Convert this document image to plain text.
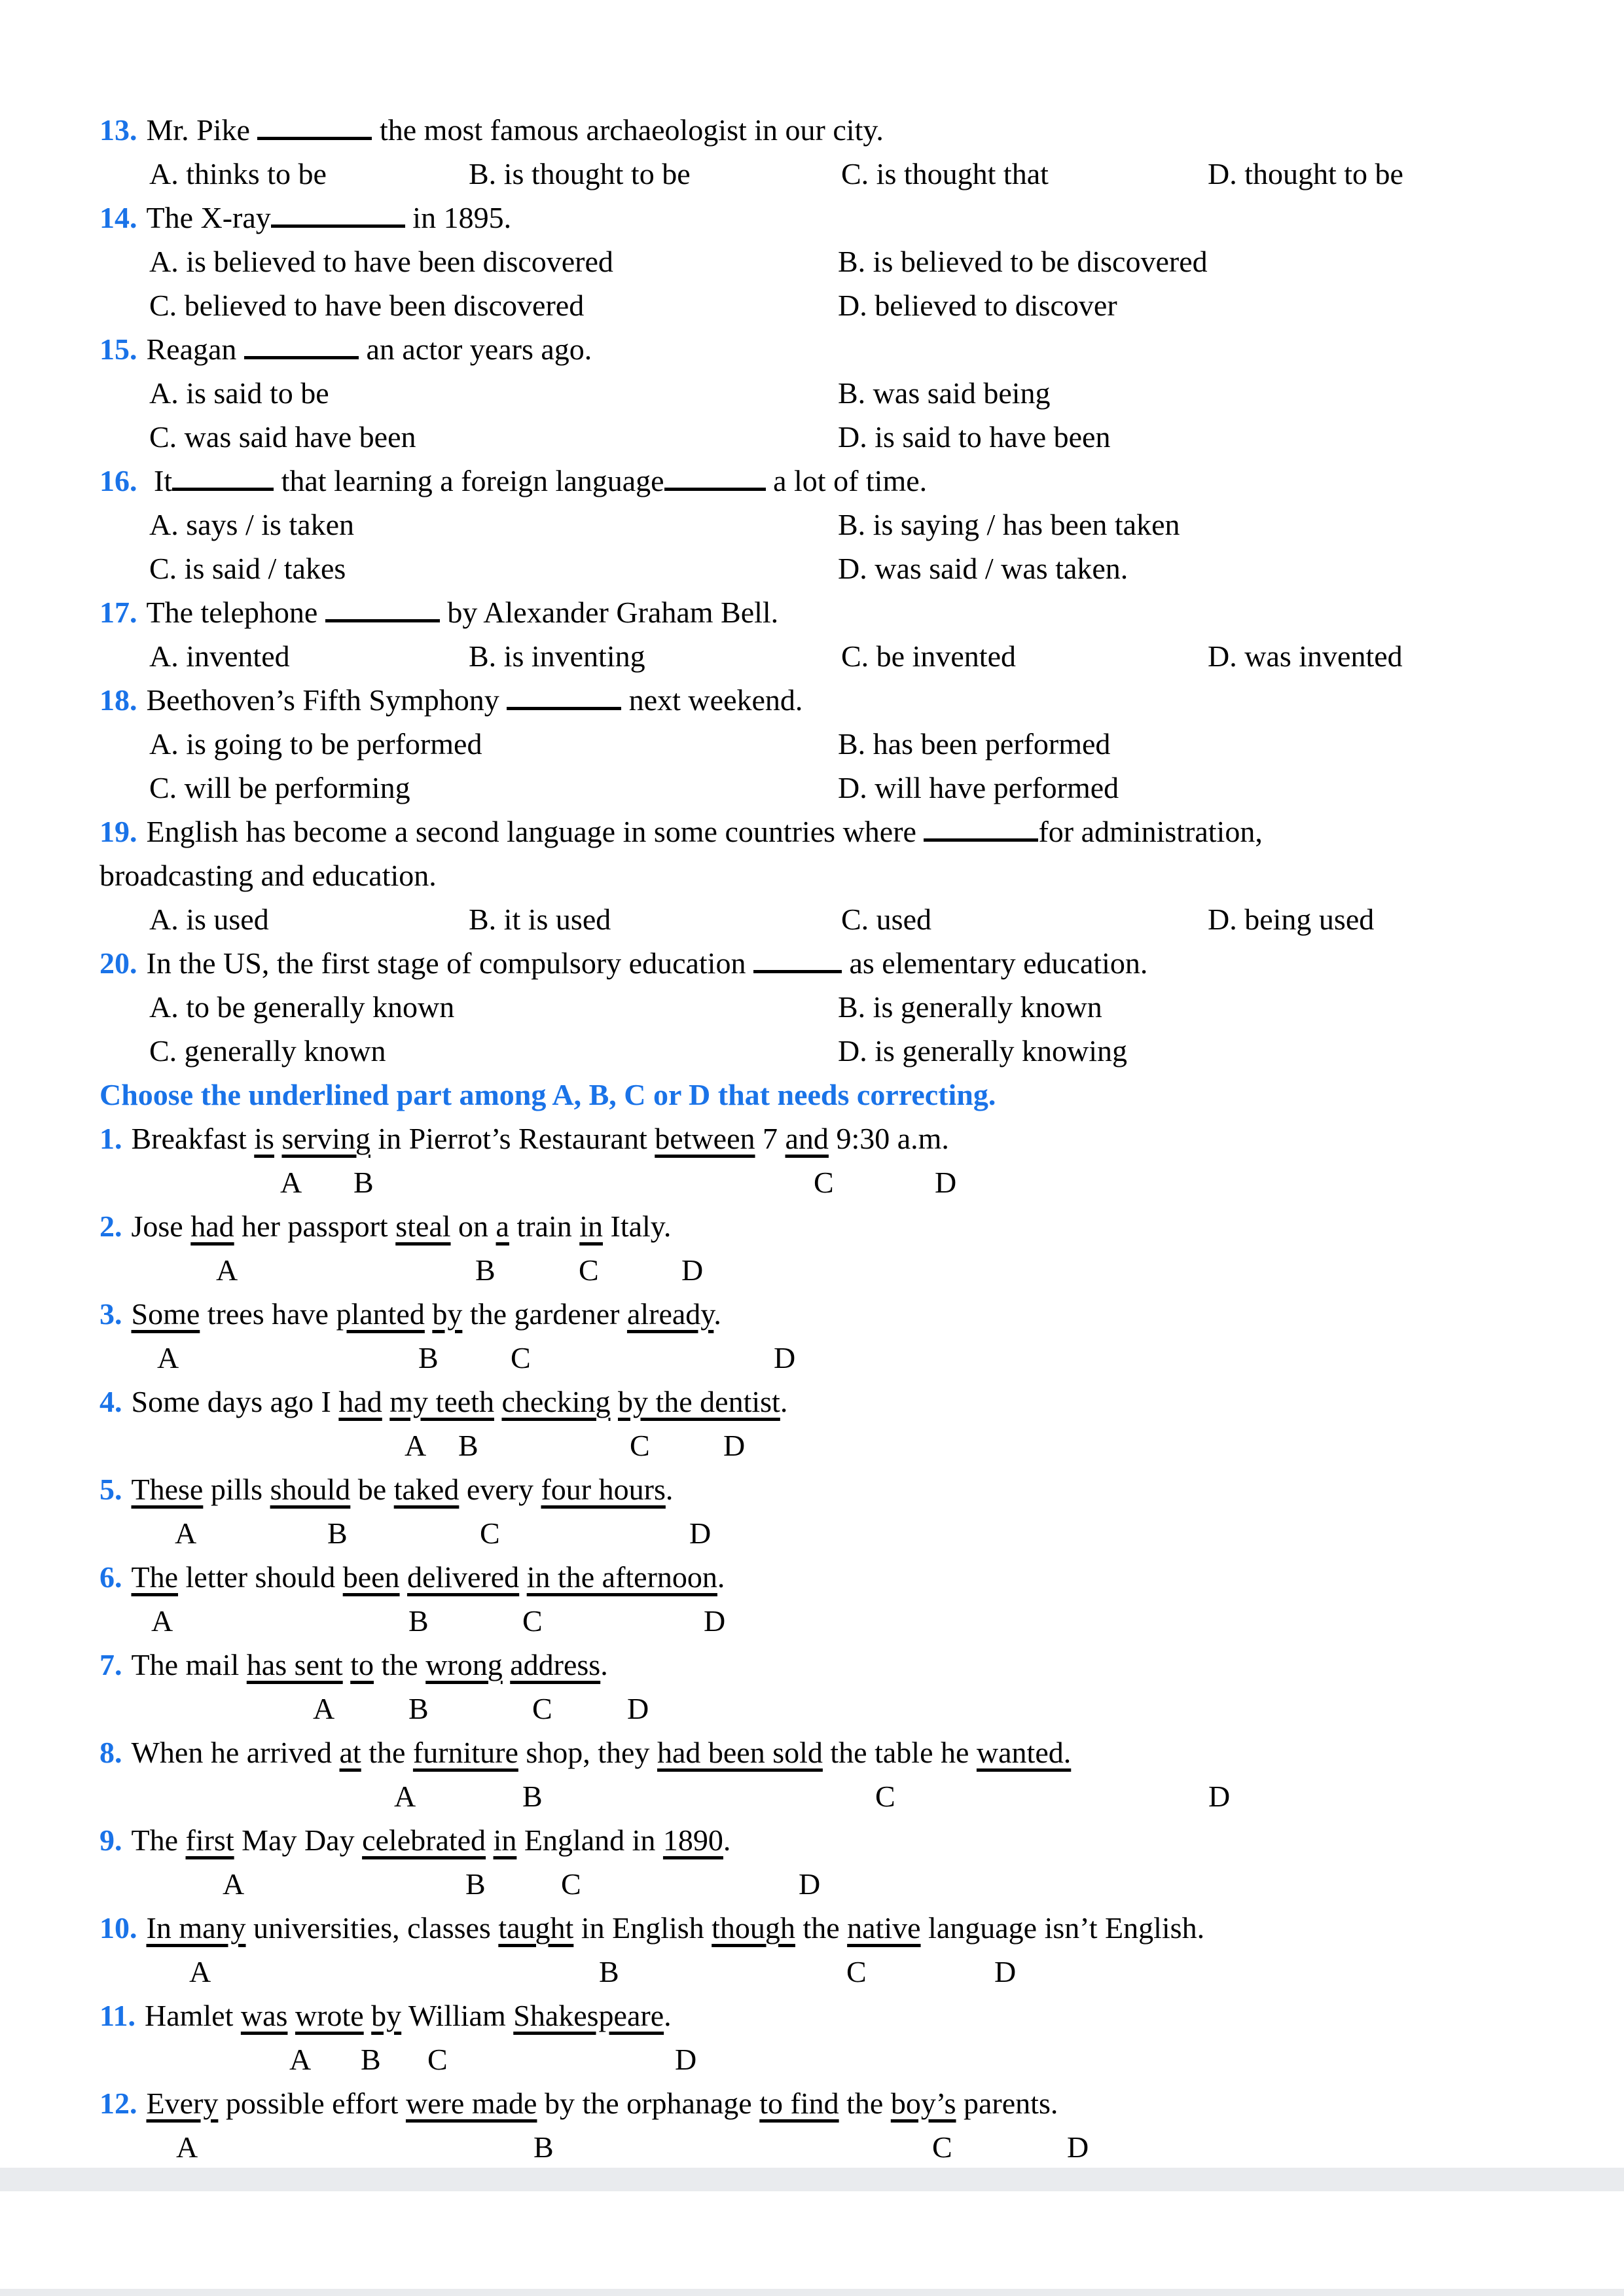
13. Mr. Pike	the most famous archaeologist in our city.
A. thinks to be	B. is thought to be	C. is thought that	D. thought to be
14. The X-ray	in 1895.
A. is believed to have been discovered	B. is believed to be discovered
C. believed to have been discovered	D. believed to discover
15. Reagan	an actor years ago.
A. is said to be	B. was said being
C. was said have been	D. is said to have been
16. It	that learning a foreign language	a lot of time.
A. says / is taken	B. is saying / has been taken
C. is said / takes	D. was said / was taken.
17. The telephone	by Alexander Graham Bell.
A. invented	B. is inventing	C. be invented	D. was invented
18. Beethoven’s Fifth Symphony	next weekend.
A. is going to be performed	B. has been performed
C. will be performing	D. will have performed
19. English has become a second language in some countries where	for administration,
broadcasting and education.
A. is used	B. it is used	C. used	D. being used
20. In the US, the first stage of compulsory education	as elementary education.
A. to be generally known	B. is generally known
C. generally known	D. is generally knowing
Choose the underlined part among A, B, C or D that needs correcting.
1. Breakfast is serving in Pierrot’s Restaurant between 7 and 9:30 a.m.
A B	C	D
2. Jose had her passport steal on a train in Italy.
A	B	C	D
3. Some trees have planted by the gardener already.
A	B C	D
4. Some days ago I had my teeth checking by the dentist.
A B	C D
5. These pills should be taked every four hours.
A	B	C	D
6. The letter should been delivered in the afternoon.
A	B	C	D
7. The mail has sent to the wrong address.
A B	C D
8. When he arrived at the furniture shop, they had been sold the table he wanted.
A	B	C	D
9. The first May Day celebrated in England in 1890.
A	B	C	D
10. In many universities, classes taught in English though the native language isn’t English.
A	B	C	D
11. Hamlet was wrote by William Shakespeare.
A B C	D
12. Every possible effort were made by the orphanage to find the boy’s parents.
A	B	C	D
